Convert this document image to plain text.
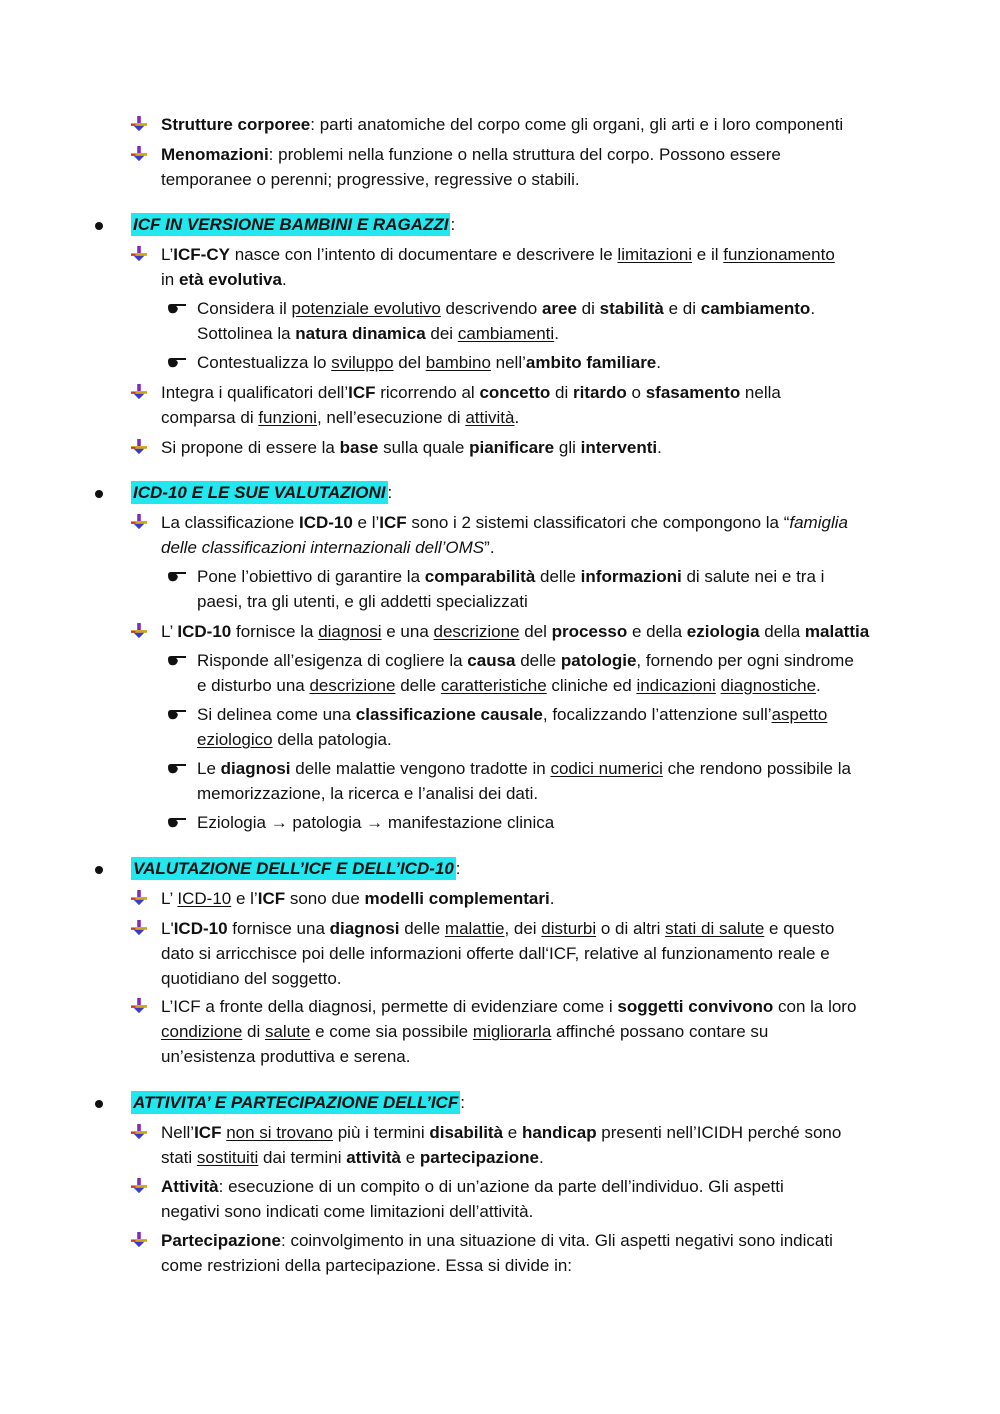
Strutture corporee: parti anatomiche del corpo come gli organi, gli arti e i loro componenti
Menomazioni: problemi nella funzione o nella struttura del corpo. Possono essere
temporanee o perenni; progressive, regressive o stabili.
ICF IN VERSIONE BAMBINI E RAGAZZI :
L’ICF-CY nasce con l’intento di documentare e descrivere le limitazioni e il funzionamento
in età evolutiva.
Considera il potenziale evolutivo descrivendo aree di stabilità e di cambiamento.
Sottolinea la natura dinamica dei cambiamenti.
Contestualizza lo sviluppo del bambino nell’ambito familiare.
Integra i qualificatori dell’ICF ricorrendo al concetto di ritardo o sfasamento nella
comparsa di funzioni, nell’esecuzione di attività.
Si propone di essere la base sulla quale pianificare gli interventi.
ICD-10 E LE SUE VALUTAZIONI :
La classificazione ICD-10 e l’ICF sono i 2 sistemi classificatori che compongono la “famiglia
delle classificazioni internazionali dell’OMS”.
Pone l’obiettivo di garantire la comparabilità delle informazioni di salute nei e tra i
paesi, tra gli utenti, e gli addetti specializzati
L’ ICD-10 fornisce la diagnosi e una descrizione del processo e della eziologia della malattia
Risponde all’esigenza di cogliere la causa delle patologie, fornendo per ogni sindrome
e disturbo una descrizione delle caratteristiche cliniche ed indicazioni diagnostiche.
Si delinea come una classificazione causale, focalizzando l’attenzione sull’aspetto
eziologico della patologia.
Le diagnosi delle malattie vengono tradotte in codici numerici che rendono possibile la
memorizzazione, la ricerca e l’analisi dei dati.
Eziologia → patologia → manifestazione clinica
VALUTAZIONE DELL’ICF E DELL’ICD-10 :
L’ ICD-10 e l’ICF sono due modelli complementari.
L'ICD-10 fornisce una diagnosi delle malattie, dei disturbi o di altri stati di salute e questo
dato si arricchisce poi delle informazioni offerte dall‘ICF, relative al funzionamento reale e
quotidiano del soggetto.
L’ICF a fronte della diagnosi, permette di evidenziare come i soggetti convivono con la loro
condizione di salute e come sia possibile migliorarla affinché possano contare su
un’esistenza produttiva e serena.
ATTIVITA’ E PARTECIPAZIONE DELL’ICF :
Nell’ICF non si trovano più i termini disabilità e handicap presenti nell’ICIDH perché sono
stati sostituiti dai termini attività e partecipazione.
Attività: esecuzione di un compito o di un’azione da parte dell’individuo. Gli aspetti
negativi sono indicati come limitazioni dell’attività.
Partecipazione: coinvolgimento in una situazione di vita. Gli aspetti negativi sono indicati
come restrizioni della partecipazione. Essa si divide in:
